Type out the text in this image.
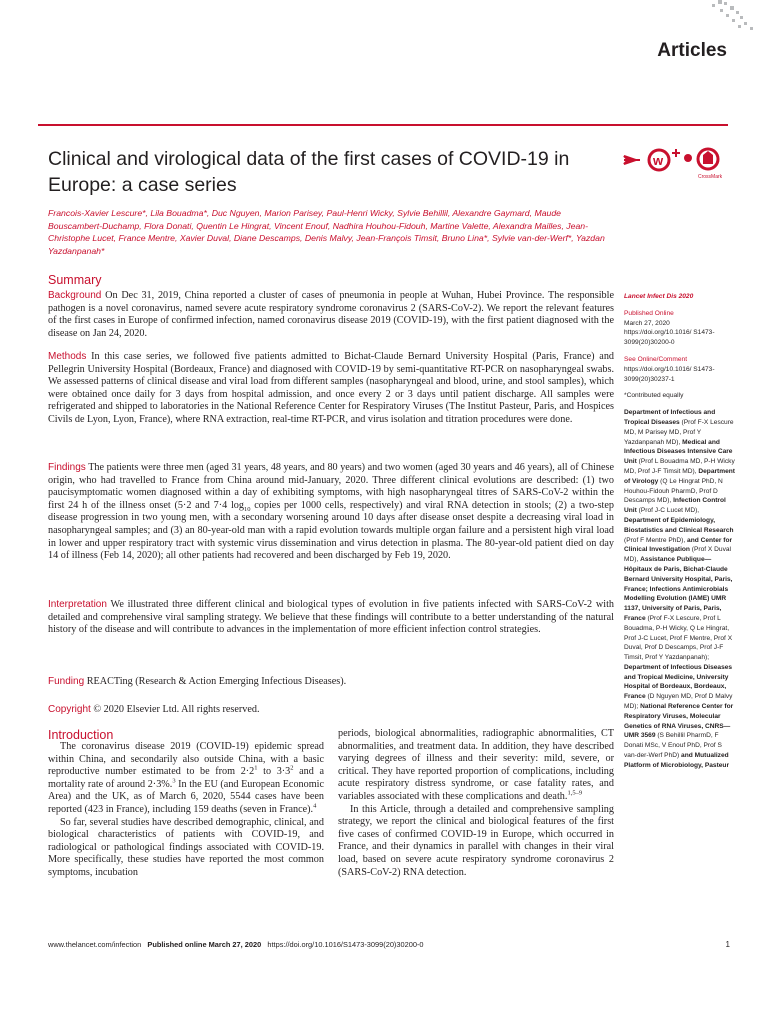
Articles
Clinical and virological data of the first cases of COVID-19 in Europe: a case series
w
CrossMark
Francois-Xavier Lescure*, Lila Bouadma*, Duc Nguyen, Marion Parisey, Paul-Henri Wicky, Sylvie Behillil, Alexandre Gaymard, Maude Bouscambert-Duchamp, Flora Donati, Quentin Le Hingrat, Vincent Enouf, Nadhira Houhou-Fidouh, Martine Valette, Alexandra Mailles, Jean-Christophe Lucet, France Mentre, Xavier Duval, Diane Descamps, Denis Malvy, Jean-François Timsit, Bruno Lina*, Sylvie van-der-Werf*, Yazdan Yazdanpanah*
Summary

Background On Dec 31, 2019, China reported a cluster of cases of pneumonia in people at Wuhan, Hubei Province. The responsible pathogen is a novel coronavirus, named severe acute respiratory syndrome coronavirus 2 (SARS-CoV-2). We report the relevant features of the first cases in Europe of confirmed infection, named coronavirus disease 2019 (COVID-19), with the first patient diagnosed with the disease on Jan 24, 2020.

Methods In this case series, we followed five patients admitted to Bichat-Claude Bernard University Hospital (Paris, France) and Pellegrin University Hospital (Bordeaux, France) and diagnosed with COVID-19 by semi-quantitative RT-PCR on nasopharyngeal swabs. We assessed patterns of clinical disease and viral load from different samples (nasopharyngeal and blood, urine, and stool samples), which were obtained once daily for 3 days from hospital admission, and once every 2 or 3 days until patient discharge. All samples were refrigerated and shipped to laboratories in the National Reference Center for Respiratory Viruses (The Institut Pasteur, Paris, and Hospices Civils de Lyon, Lyon, France), where RNA extraction, real-time RT-PCR, and virus isolation and titration procedures were done.

Findings The patients were three men (aged 31 years, 48 years, and 80 years) and two women (aged 30 years and 46 years), all of Chinese origin, who had travelled to France from China around mid-January, 2020. Three different clinical evolutions are described: (1) two paucisymptomatic women diagnosed within a day of exhibiting symptoms, with high nasopharyngeal titres of SARS-CoV-2 within the first 24 h of the illness onset (5·2 and 7·4 $\log_{10}$ copies per 1000 cells, respectively) and viral RNA detection in stools; (2) a two-step disease progression in two young men, with a secondary worsening around 10 days after disease onset despite a decreasing viral load in nasopharyngeal samples; and (3) an 80-year-old man with a rapid evolution towards multiple organ failure and a persistent high viral load in lower and upper respiratory tract with systemic virus dissemination and virus detection in plasma. The 80-year-old patient died on day 14 of illness (Feb 14, 2020); all other patients had recovered and been discharged by Feb 19, 2020.

Interpretation We illustrated three different clinical and biological types of evolution in five patients infected with SARS-CoV-2 with detailed and comprehensive viral sampling strategy. We believe that these findings will contribute to a better understanding of the natural history of the disease and will contribute to advances in the implementation of more efficient infection control strategies.

Funding REACTing (Research & Action Emerging Infectious Diseases).

Copyright © 2020 Elsevier Ltd. All rights reserved.

Introduction

The coronavirus disease 2019 (COVID-19) epidemic spread within China, and secondarily also outside China, with a basic reproductive number estimated to be from $2\cdot 2^1$ to $3\cdot 3^2$ and a mortality rate of around 2·3%.$^3$ In the EU (and European Economic Area) and the UK, as of March 6, 2020, 5544 cases have been reported (423 in France), including 159 deaths (seven in France).$^4$

So far, several studies have described demographic, clinical, and biological characteristics of patients with COVID-19, and radiological or pathological findings associated with COVID-19. More specifically, these studies have reported the most common symptoms, incubation

periods, biological abnormalities, radiographic abnormalities, CT abnormalities, and treatment data. In addition, they have described varying degrees of illness and their severity: mild, severe, or critical. They have reported proportion of complications, including acute respiratory distress syndrome, or case fatality rates, and variables associated with these complications and death.$^{1,5-9}$

In this Article, through a detailed and comprehensive sampling strategy, we report the clinical and biological features of the first five cases of confirmed COVID-19 in Europe, which occurred in France, and their dynamics in parallel with changes in their viral load, based on severe acute respiratory syndrome coronavirus 2 (SARS-CoV-2) RNA detection.

Lancet Infect Dis 2020
Published Online
March 27, 2020
https://doi.org/10.1016/ S1473-3099(20)30200-0
See Online/Comment
https://doi.org/10.1016/ S1473-3099(20)30237-1
*Contributed equally
Department of Infectious and Tropical Diseases (Prof F-X Lescure MD, M Parisey MD, Prof Y Yazdanpanah MD), Medical and Infectious Diseases Intensive Care Unit (Prof L Bouadma MD, P-H Wicky MD, Prof J-F Timsit MD), Department of Virology (Q Le Hingrat PhD, N Houhou-Fidouh PharmD, Prof D Descamps MD), Infection Control Unit (Prof J-C Lucet MD), Department of Epidemiology, Biostatistics and Clinical Research (Prof F Mentre PhD), and Center for Clinical Investigation (Prof X Duval MD), Assistance Publique—Hôpitaux de Paris, Bichat-Claude Bernard University Hospital, Paris, France; Infections Antimicrobials Modelling Evolution (IAME) UMR 1137, University of Paris, Paris, France (Prof F-X Lescure, Prof L Bouadma, P-H Wicky, Q Le Hingrat, Prof J-C Lucet, Prof F Mentre, Prof X Duval, Prof D Descamps, Prof J-F Timsit, Prof Y Yazdanpanah); Department of Infectious Diseases and Tropical Medicine, University Hospital of Bordeaux, Bordeaux, France (D Nguyen MD, Prof D Malvy MD); National Reference Center for Respiratory Viruses, Molecular Genetics of RNA Viruses, CNRS—UMR 3569 (S Behillil PharmD, F Donati MSc, V Enouf PhD, Prof S van-der-Werf PhD) and Mutualized Platform of Microbiology, Pasteur
www.thelancet.com/infection Published online March 27, 2020 https://doi.org/10.1016/S1473-3099(20)30200-0	1
